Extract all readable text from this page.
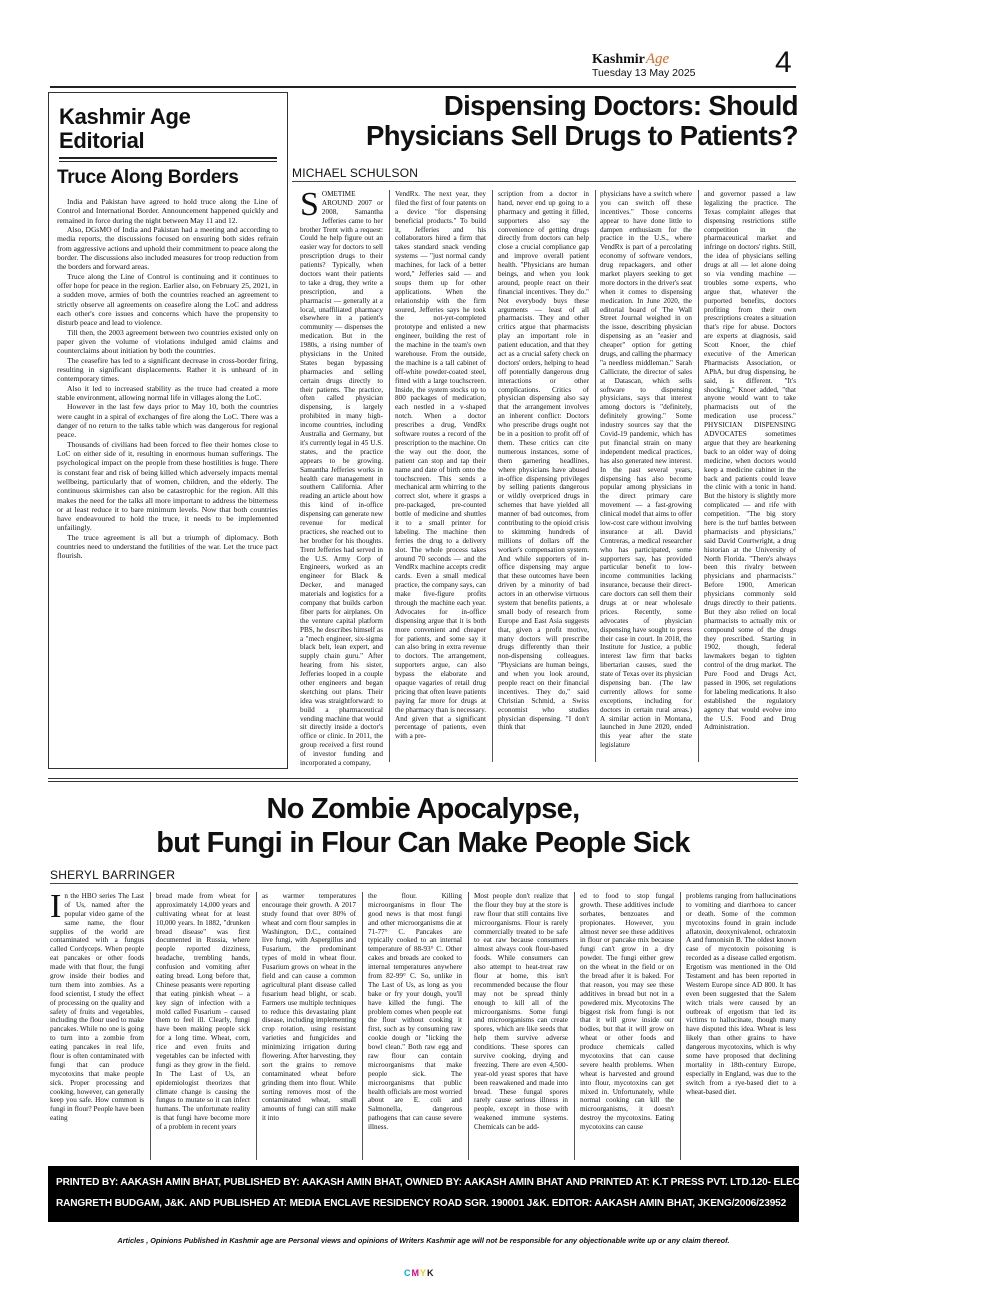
KashmirAge
Tuesday 13 May 2025	4
Kashmir Age
Editorial
Truce Along Borders

India and Pakistan have agreed to hold truce along the Line of Control and International Border. Announcement happened quickly and remained in force during the night between May 11 and 12.

Also, DGsMO of India and Pakistan had a meeting and according to media reports, the discussions focused on ensuring both sides refrain from aggressive actions and uphold their commitment to peace along the border. The discussions also included measures for troop reduction from the borders and forward areas.

Truce along the Line of Control is continuing and it continues to offer hope for peace in the region. Earlier also, on February 25, 2021, in a sudden move, armies of both the countries reached an agreement to strictly observe all agreements on ceasefire along the LoC and address each other's core issues and concerns which have the propensity to disturb peace and lead to violence.

Till then, the 2003 agreement between two countries existed only on paper given the volume of violations indulged amid claims and counterclaims about initiation by both the countries.

The ceasefire has led to a significant decrease in cross-border firing, resulting in significant displacements. Rather it is unheard of in contemporary times.

Also it led to increased stability as the truce had created a more stable environment, allowing normal life in villages along the LoC.

However in the last few days prior to May 10, both the countries were caught in a spiral of exchanges of fire along the LoC. There was a danger of no return to the talks table which was dangerous for regional peace.

Thousands of civilians had been forced to flee their homes close to LoC on either side of it, resulting in enormous human sufferings. The psychological impact on the people from these hostilities is huge. There is constant fear and risk of being killed which adversely impacts mental wellbeing, particularly that of women, children, and the elderly. The continuous skirmishes can also be catastrophic for the region. All this makes the need for the talks all more important to address the bitterness or at least reduce it to bare minimum levels. Now that both countries have endeavoured to hold the truce, it needs to be implemented unfailingly.

The truce agreement is all but a triumph of diplomacy. Both countries need to understand the futilities of the war. Let the truce pact flourish.

Dispensing Doctors: Should
Physicians Sell Drugs to Patients?
MICHAEL SCHULSON
S OMETIME AROUND 2007 or 2008, Samantha Jefferies came to her brother Trent with a request: Could he help figure out an easier way for doctors to sell prescription drugs to their patients? Typically, when doctors want their patients to take a drug, they write a prescription, and a pharmacist — generally at a local, unaffiliated pharmacy elsewhere in a patient's community — dispenses the medication. But in the 1980s, a rising number of physicians in the United States began bypassing pharmacies and selling certain drugs directly to their patients. The practice, often called physician dispensing, is largely prohibited in many high-income countries, including Australia and Germany, but it's currently legal in 45 U.S. states, and the practice appears to be growing. Samantha Jefferies works in health care management in southern California. After reading an article about how this kind of in-office dispensing can generate new revenue for medical practices, she reached out to her brother for his thoughts. Trent Jefferies had served in the U.S. Army Corp of Engineers, worked as an engineer for Black & Decker, and managed materials and logistics for a company that builds carbon fiber parts for airplanes. On the venture capital platform PBS, he describes himself as a "mech engineer, six-sigma black belt, lean expert, and supply chain guru." After hearing from his sister, Jefferies looped in a couple other engineers and began sketching out plans. Their idea was straightforward: to build a pharmaceutical vending machine that would sit directly inside a doctor's office or clinic. In 2011, the group received a first round of investor funding and incorporated a company,

VendRx. The next year, they filed the first of four patents on a device "for dispensing beneficial products." To build it, Jefferies and his collaborators hired a firm that takes standard snack vending systems — "just normal candy machines, for lack of a better word," Jefferies said — and soups them up for other applications. When the relationship with the firm soured, Jefferies says he took the not-yet-completed prototype and enlisted a new engineer, building the rest of the machine in the team's own warehouse. From the outside, the machine is a tall cabinet of off-white powder-coated steel, fitted with a large touchscreen. Inside, the system stocks up to 800 packages of medication, each nestled in a v-shaped notch. When a doctor prescribes a drug, VendRx software routes a record of the prescription to the machine. On the way out the door, the patient can stop and tap their name and date of birth onto the touchscreen. This sends a mechanical arm whirring to the correct slot, where it grasps a pre-packaged, pre-counted bottle of medicine and shuttles it to a small printer for labeling. The machine then ferries the drug to a delivery slot. The whole process takes around 70 seconds — and the VendRx machine accepts credit cards. Even a small medical practice, the company says, can make five-figure profits through the machine each year. Advocates for in-office dispensing argue that it is both more convenient and cheaper for patients, and some say it can also bring in extra revenue to doctors. The arrangement, supporters argue, can also bypass the elaborate and opaque vagaries of retail drug pricing that often leave patients paying far more for drugs at the pharmacy than is necessary. And given that a significant percentage of patients, even with a pre-

scription from a doctor in hand, never end up going to a pharmacy and getting it filled, supporters also say the convenience of getting drugs directly from doctors can help close a crucial compliance gap and improve overall patient health. "Physicians are human beings, and when you look around, people react on their financial incentives. They do." Not everybody buys these arguments — least of all pharmacists. They and other critics argue that pharmacists play an important role in patient education, and that they act as a crucial safety check on doctors' orders, helping to head off potentially dangerous drug interactions or other complications. Critics of physician dispensing also say that the arrangement involves an inherent conflict: Doctors who prescribe drugs ought not be in a position to profit off of them. These critics can cite numerous instances, some of them garnering headlines, where physicians have abused in-office dispensing privileges by selling patients dangerous or wildly overpriced drugs in schemes that have yielded all manner of bad outcomes, from contributing to the opioid crisis to skimming hundreds of millions of dollars off the worker's compensation system. And while supporters of in-office dispensing may argue that these outcomes have been driven by a minority of bad actors in an otherwise virtuous system that benefits patients, a small body of research from Europe and East Asia suggests that, given a profit motive, many doctors will prescribe drugs differently than their non-dispensing colleagues. "Physicians are human beings, and when you look around, people react on their financial incentives. They do," said Christian Schmid, a Swiss economist who studies physician dispensing. "I don't think that

physicians have a switch where you can switch off these incentives." Those concerns appear to have done little to dampen enthusiasm for the practice in the U.S., where VendRx is part of a percolating economy of software vendors, drug repackagers, and other market players seeking to get more doctors in the driver's seat when it comes to dispensing medication. In June 2020, the editorial board of The Wall Street Journal weighed in on the issue, describing physician dispensing as an "easier and cheaper" option for getting drugs, and calling the pharmacy "a needless middleman." Sarah Callicrate, the director of sales at Datascan, which sells software to dispensing physicians, says that interest among doctors is "definitely, definitely growing." Some industry sources say that the Covid-19 pandemic, which has put financial strain on many independent medical practices, has also generated new interest. In the past several years, dispensing has also become popular among physicians in the direct primary care movement — a fast-growing clinical model that aims to offer low-cost care without involving insurance at all. David Contreras, a medical researcher who has participated, some supporters say, has provided particular benefit to low-income communities lacking insurance, because their direct-care doctors can sell them their drugs at or near wholesale prices. Recently, some advocates of physician dispensing have sought to press their case in court. In 2018, the Institute for Justice, a public interest law firm that backs libertarian causes, sued the state of Texas over its physician dispensing ban. (The law currently allows for some exceptions, including for doctors in certain rural areas.) A similar action in Montana, launched in June 2020, ended this year after the state legislature

and governor passed a law legalizing the practice. The Texas complaint alleges that dispensing restrictions stifle competition in the pharmaceutical market and infringe on doctors' rights. Still, the idea of physicians selling drugs at all — let alone doing so via vending machine — troubles some experts, who argue that, whatever the purported benefits, doctors profiting from their own prescriptions creates a situation that's ripe for abuse. Doctors are experts at diagnosis, said Scott Knoer, the chief executive of the American Pharmacists Association, or APhA, but drug dispensing, he said, is different. "It's shocking," Knoer added, "that anyone would want to take pharmacists out of the medication use process." PHYSICIAN DISPENSING ADVOCATES sometimes argue that they are hearkening back to an older way of doing medicine, when doctors would keep a medicine cabinet in the back and patients could leave the clinic with a tonic in hand. But the history is slightly more complicated — and rife with competition. "The big story here is the turf battles between pharmacists and physicians," said David Courtwright, a drug historian at the University of North Florida. "There's always been this rivalry between physicians and pharmacists." Before 1900, American physicians commonly sold drugs directly to their patients. But they also relied on local pharmacists to actually mix or compound some of the drugs they prescribed. Starting in 1902, though, federal lawmakers began to tighten control of the drug market. The Pure Food and Drugs Act, passed in 1906, set regulations for labeling medications. It also established the regulatory agency that would evolve into the U.S. Food and Drug Administration.

No Zombie Apocalypse,
but Fungi in Flour Can Make People Sick
SHERYL BARRINGER
I n the HBO series The Last of Us, named after the popular video game of the same name, the flour supplies of the world are contaminated with a fungus called Cordyceps. When people eat pancakes or other foods made with that flour, the fungi grow inside their bodies and turn them into zombies. As a food scientist, I study the effect of processing on the quality and safety of fruits and vegetables, including the flour used to make pancakes. While no one is going to turn into a zombie from eating pancakes in real life, flour is often contaminated with fungi that can produce mycotoxins that make people sick. Proper processing and cooking, however, can generally keep you safe. How common is fungi in flour? People have been eating

bread made from wheat for approximately 14,000 years and cultivating wheat for at least 10,000 years. In 1882, "drunken bread disease" was first documented in Russia, where people reported dizziness, headache, trembling hands, confusion and vomiting after eating bread. Long before that, Chinese peasants were reporting that eating pinkish wheat – a key sign of infection with a mold called Fusarium – caused them to feel ill. Clearly, fungi have been making people sick for a long time. Wheat, corn, rice and even fruits and vegetables can be infected with fungi as they grow in the field. In The Last of Us, an epidemiologist theorizes that climate change is causing the fungus to mutate so it can infect humans. The unfortunate reality is that fungi have become more of a problem in recent years

as warmer temperatures encourage their growth. A 2017 study found that over 80% of wheat and corn flour samples in Washington, D.C., contained live fungi, with Aspergillus and Fusarium, the predominant types of mold in wheat flour. Fusarium grows on wheat in the field and can cause a common agricultural plant disease called fusarium head blight, or scab. Farmers use multiple techniques to reduce this devastating plant disease, including implementing crop rotation, using resistant varieties and fungicides and minimizing irrigation during flowering. After harvesting, they sort the grains to remove contaminated wheat before grinding them into flour. While sorting removes most of the contaminated wheat, small amounts of fungi can still make it into

the flour. Killing microorganisms in flour The good news is that most fungi and other microorganisms die at 71-77° C. Pancakes are typically cooked to an internal temperature of 88-93° C. Other cakes and breads are cooked to internal temperatures anywhere from 82-99° C. So, unlike in The Last of Us, as long as you bake or fry your dough, you'll have killed the fungi. The problem comes when people eat the flour without cooking it first, such as by consuming raw cookie dough or "licking the bowl clean." Both raw egg and raw flour can contain microorganisms that make people sick. The microorganisms that public health officials are most worried about are E. coli and Salmonella, dangerous pathogens that can cause severe illness.

Most people don't realize that the flour they buy at the store is raw flour that still contains live microorganisms. Flour is rarely commercially treated to be safe to eat raw because consumers almost always cook flour-based foods. While consumers can also attempt to heat-treat raw flour at home, this isn't recommended because the flour may not be spread thinly enough to kill all of the microorganisms. Some fungi and microorganisms can create spores, which are like seeds that help them survive adverse conditions. These spores can survive cooking, drying and freezing. There are even 4,500-year-old yeast spores that have been reawakened and made into bread. These fungal spores rarely cause serious illness in people, except in those with weakened immune systems. Chemicals can be add-

ed to food to stop fungal growth. These additives include sorbates, benzoates and propionates. However, you almost never see these additives in flour or pancake mix because fungi can't grow in a dry powder. The fungi either grew on the wheat in the field or on the bread after it is baked. For that reason, you may see these additives in bread but not in a powdered mix. Mycotoxins The biggest risk from fungi is not that it will grow inside our bodies, but that it will grow on wheat or other foods and produce chemicals called mycotoxins that can cause severe health problems. When wheat is harvested and ground into flour, mycotoxins can get mixed in. Unfortunately, while normal cooking can kill the microorganisms, it doesn't destroy the mycotoxins. Eating mycotoxins can cause

problems ranging from hallucinations to vomiting and diarrhoea to cancer or death. Some of the common mycotoxins found in grain include aflatoxin, deoxynivalenol, ochratoxin A and fumonisin B. The oldest known case of mycotoxin poisoning is recorded as a disease called ergotism. Ergotism was mentioned in the Old Testament and has been reported in Western Europe since AD 800. It has even been suggested that the Salem witch trials were caused by an outbreak of ergotism that led its victims to hallucinate, though many have disputed this idea. Wheat is less likely than other grains to have dangerous mycotoxins, which is why some have proposed that declining mortality in 18th-century Europe, especially in England, was due to the switch from a rye-based diet to a wheat-based diet.

PRINTED BY: AAKASH AMIN BHAT, PUBLISHED BY: AAKASH AMIN BHAT, OWNED BY: AAKASH AMIN BHAT AND PRINTED AT: K.T PRESS PVT. LTD.120- ELECTRONIC COMPLEX INDUSTRIAL ESTATE
RANGRETH BUDGAM, J&K. AND PUBLISHED AT: MEDIA ENCLAVE RESIDENCY ROAD SGR. 190001 J&K. EDITOR: AAKASH AMIN BHAT, JKENG/2006/23952
Articles , Opinions Published in Kashmir age are Personal views and opinions of Writers Kashmir age will not be responsible for any objectionable write up or any claim thereof.
CMYK
